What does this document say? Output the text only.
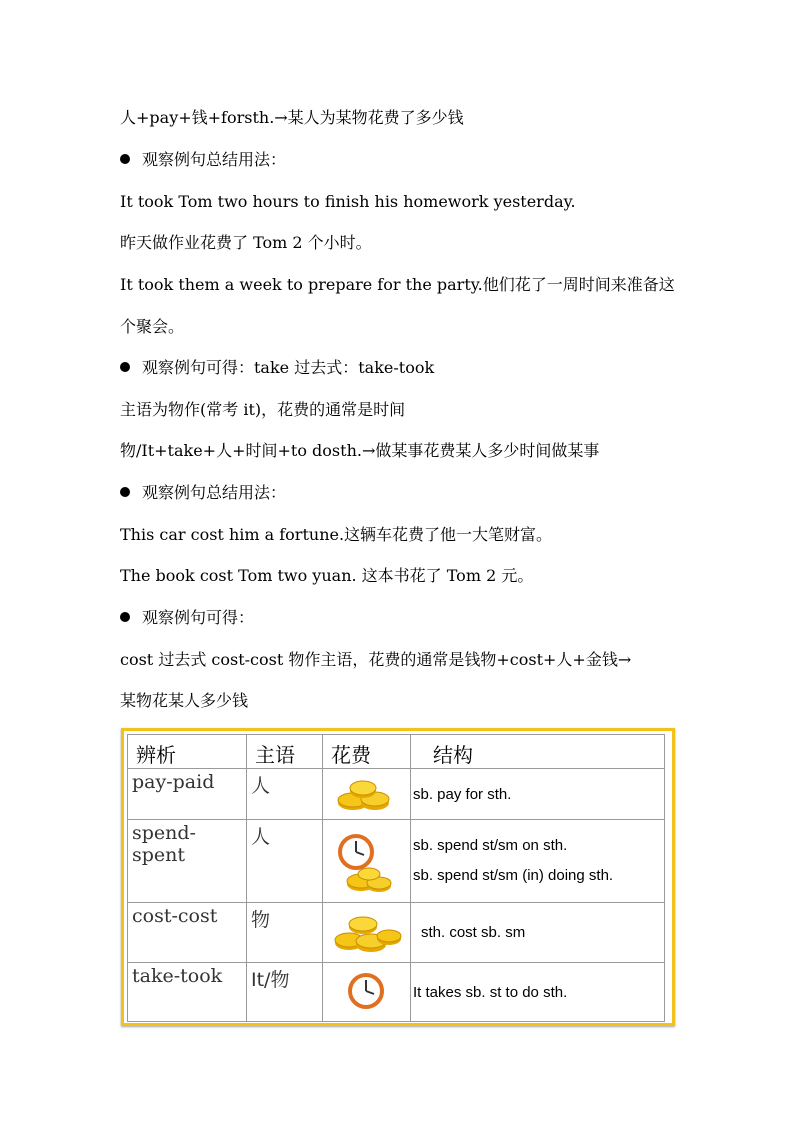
人+pay+钱+forsth.→某人为某物花费了多少钱
观察例句总结用法：
It took Tom two hours to finish his homework yesterday.
昨天做作业花费了 Tom 2 个小时。
It took them a week to prepare for the party.他们花了一周时间来准备这
个聚会。
观察例句可得：take 过去式：take-took
主语为物作(常考 it)，花费的通常是时间
物/It+take+人+时间+to dosth.→做某事花费某人多少时间做某事
观察例句总结用法：
This car cost him a fortune.这辆车花费了他一大笔财富。
The book cost Tom two yuan. 这本书花了 Tom 2 元。
观察例句可得：
cost 过去式 cost-cost 物作主语，花费的通常是钱物+cost+人+金钱→
某物花某人多少钱
辨析	主语	花费	结构
pay-paid	人		sb. pay for sth.

spend-spent	人		sb. spend st/sm on sth.
sb. spend st/sm (in) doing sth.

cost-cost	物		sth. cost sb. sm

take-took	It/物		It takes sb. st to do sth.
